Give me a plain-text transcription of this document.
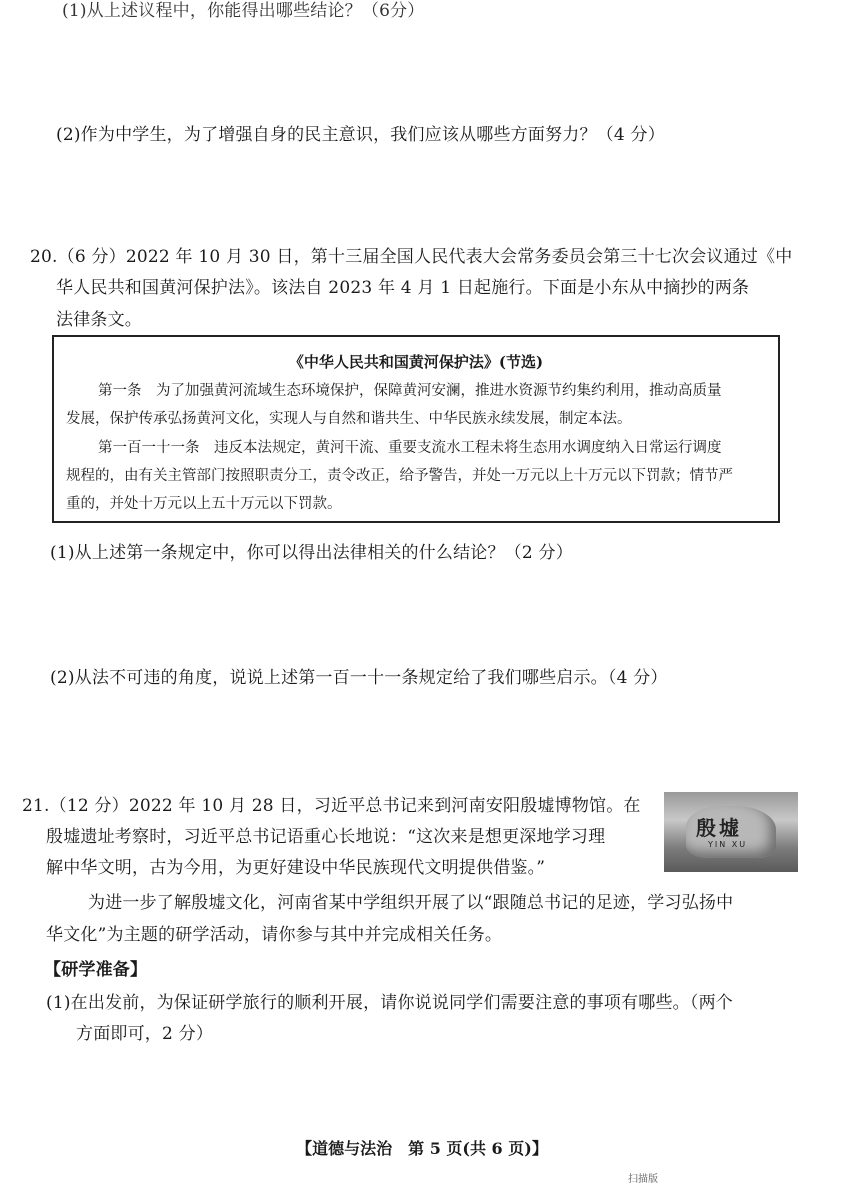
(1)从上述议程中，你能得出哪些结论？（6分）
(2)作为中学生，为了增强自身的民主意识，我们应该从哪些方面努力？（4 分）
20.（6 分）2022 年 10 月 30 日，第十三届全国人民代表大会常务委员会第三十七次会议通过《中
华人民共和国黄河保护法》。该法自 2023 年 4 月 1 日起施行。下面是小东从中摘抄的两条
法律条文。
《中华人民共和国黄河保护法》(节选)
第一条　为了加强黄河流域生态环境保护，保障黄河安澜，推进水资源节约集约利用，推动高质量
发展，保护传承弘扬黄河文化，实现人与自然和谐共生、中华民族永续发展，制定本法。
第一百一十一条　违反本法规定，黄河干流、重要支流水工程未将生态用水调度纳入日常运行调度
规程的，由有关主管部门按照职责分工，责令改正，给予警告，并处一万元以上十万元以下罚款；情节严
重的，并处十万元以上五十万元以下罚款。
(1)从上述第一条规定中，你可以得出法律相关的什么结论？（2 分）
(2)从法不可违的角度，说说上述第一百一十一条规定给了我们哪些启示。（4 分）
21.（12 分）2022 年 10 月 28 日，习近平总书记来到河南安阳殷墟博物馆。在
殷墟遗址考察时，习近平总书记语重心长地说：“这次来是想更深地学习理
解中华文明，古为今用，为更好建设中华民族现代文明提供借鉴。”
殷墟
YIN XU
为进一步了解殷墟文化，河南省某中学组织开展了以“跟随总书记的足迹，学习弘扬中
华文化”为主题的研学活动，请你参与其中并完成相关任务。
【研学准备】
(1)在出发前，为保证研学旅行的顺利开展，请你说说同学们需要注意的事项有哪些。（两个
方面即可，2 分）
【道德与法治　第 5 页(共 6 页)】
扫描版
